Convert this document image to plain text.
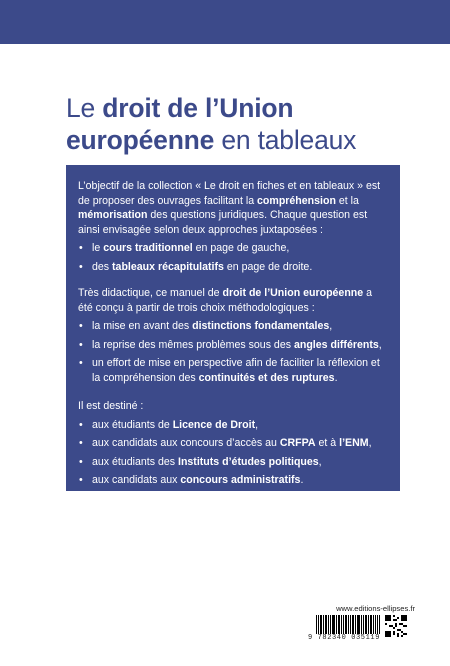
Le droit de l’Union
européenne en tableaux

L’objectif de la collection « Le droit en fiches et en tableaux » est de proposer des ouvrages facilitant la compréhension et la mémorisation des questions juridiques. Chaque question est ainsi envisagée selon deux approches juxtaposées :

• le cours traditionnel en page de gauche,
• des tableaux récapitulatifs en page de droite.

Très didactique, ce manuel de droit de l’Union européenne a été conçu à partir de trois choix méthodologiques :

• la mise en avant des distinctions fondamentales,
• la reprise des mêmes problèmes sous des angles différents,
• un effort de mise en perspective afin de faciliter la réflexion et la compréhension des continuités et des ruptures.

Il est destiné :

• aux étudiants de Licence de Droit,
• aux candidats aux concours d’accès au CRFPA et à l’ENM,
• aux étudiants des Instituts d’études politiques,
• aux candidats aux concours administratifs.
www.editions-ellipses.fr
9 782340 035119
